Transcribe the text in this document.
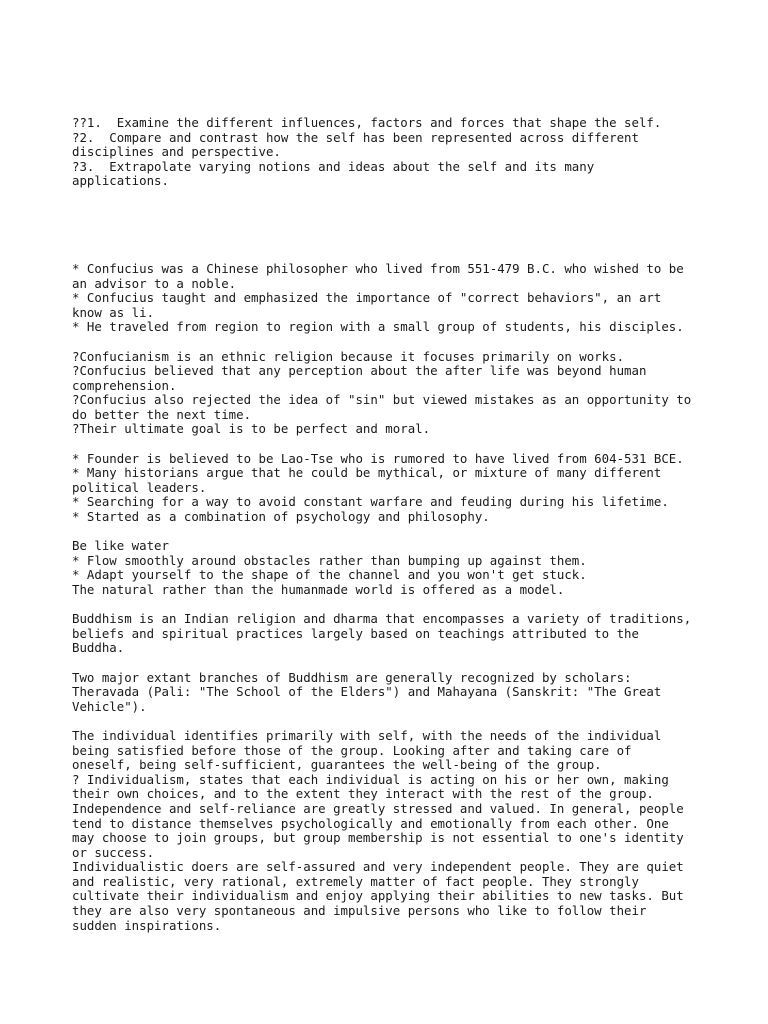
??1.  Examine the different influences, factors and forces that shape the self.
?2.  Compare and contrast how the self has been represented across different
disciplines and perspective.
?3.  Extrapolate varying notions and ideas about the self and its many
applications.
* Confucius was a Chinese philosopher who lived from 551-479 B.C. who wished to be
an advisor to a noble.
* Confucius taught and emphasized the importance of "correct behaviors", an art
know as li.
* He traveled from region to region with a small group of students, his disciples.
?Confucianism is an ethnic religion because it focuses primarily on works.
?Confucius believed that any perception about the after life was beyond human
comprehension.
?Confucius also rejected the idea of "sin" but viewed mistakes as an opportunity to
do better the next time.
?Their ultimate goal is to be perfect and moral.
* Founder is believed to be Lao-Tse who is rumored to have lived from 604-531 BCE.
* Many historians argue that he could be mythical, or mixture of many different
political leaders.
* Searching for a way to avoid constant warfare and feuding during his lifetime.
* Started as a combination of psychology and philosophy.
Be like water
* Flow smoothly around obstacles rather than bumping up against them.
* Adapt yourself to the shape of the channel and you won't get stuck.
The natural rather than the humanmade world is offered as a model.
Buddhism is an Indian religion and dharma that encompasses a variety of traditions,
beliefs and spiritual practices largely based on teachings attributed to the
Buddha.
Two major extant branches of Buddhism are generally recognized by scholars:
Theravada (Pali: "The School of the Elders") and Mahayana (Sanskrit: "The Great
Vehicle").
The individual identifies primarily with self, with the needs of the individual
being satisfied before those of the group. Looking after and taking care of
oneself, being self-sufficient, guarantees the well-being of the group.
? Individualism, states that each individual is acting on his or her own, making
their own choices, and to the extent they interact with the rest of the group.
Independence and self-reliance are greatly stressed and valued. In general, people
tend to distance themselves psychologically and emotionally from each other. One
may choose to join groups, but group membership is not essential to one's identity
or success.
Individualistic doers are self-assured and very independent people. They are quiet
and realistic, very rational, extremely matter of fact people. They strongly
cultivate their individualism and enjoy applying their abilities to new tasks. But
they are also very spontaneous and impulsive persons who like to follow their
sudden inspirations.
